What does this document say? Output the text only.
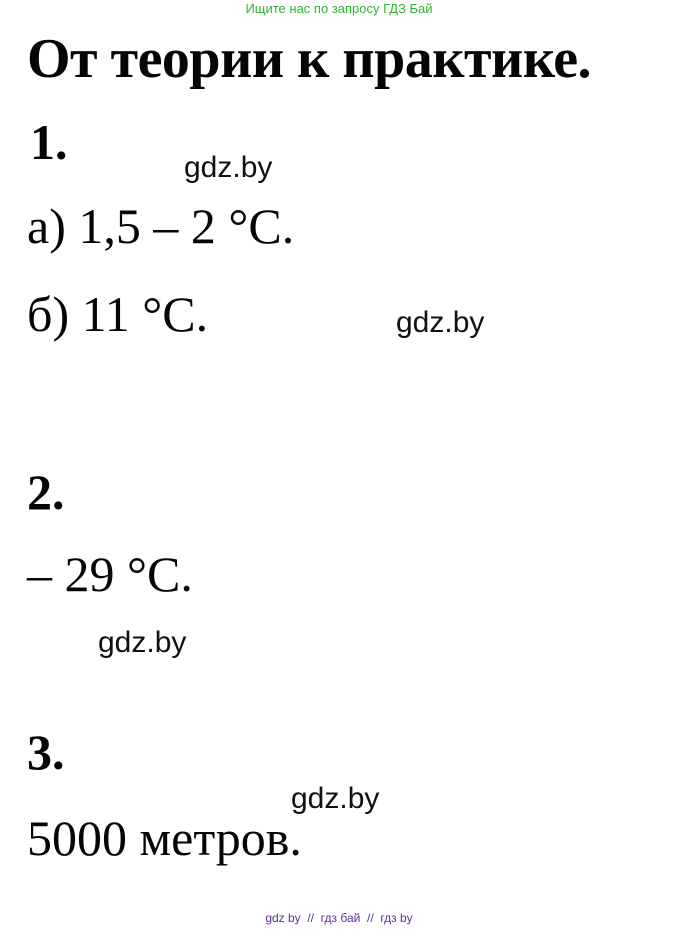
Ищите нас по запросу ГДЗ Бай
От теории к практике.
1.	gdz.by
а) 1,5 – 2 °С.
б) 11 °С.	gdz.by
2.
– 29 °С.
gdz.by
3.
gdz.by
5000 метров.
gdz by  //  гдз бай  //  гдз by
